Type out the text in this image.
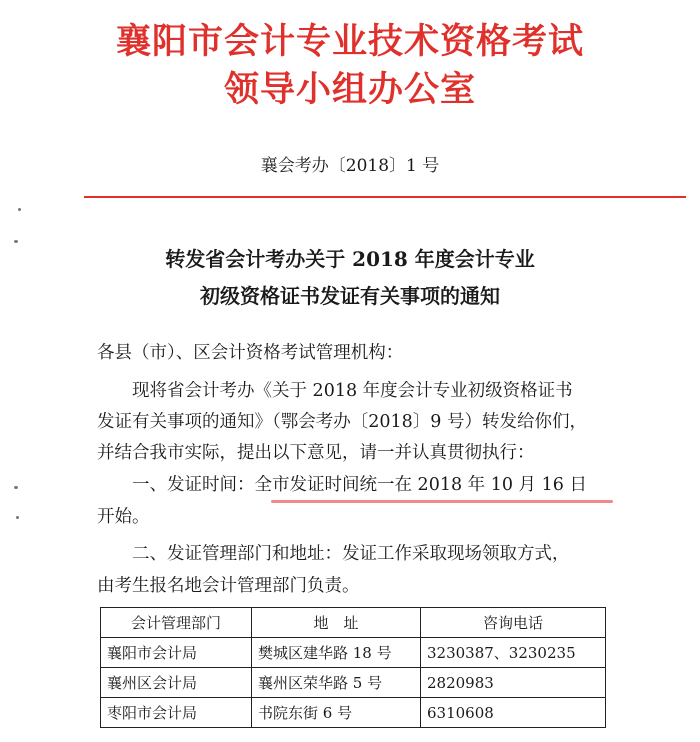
襄阳市会计专业技术资格考试
领导小组办公室
襄会考办〔2018〕1 号
转发省会计考办关于 2018 年度会计专业
初级资格证书发证有关事项的通知
各县（市）、区会计资格考试管理机构：
现将省会计考办《关于 2018 年度会计专业初级资格证书
发证有关事项的通知》（鄂会考办〔2018〕9 号）转发给你们，
并结合我市实际，提出以下意见，请一并认真贯彻执行：
一、发证时间：全市发证时间统一在 2018 年 10 月 16 日
开始。
二、发证管理部门和地址：发证工作采取现场领取方式，
由考生报名地会计管理部门负责。
会计管理部门	地　址	咨询电话
襄阳市会计局	樊城区建华路 18 号	3230387、3230235
襄州区会计局	襄州区荣华路 5 号	2820983
枣阳市会计局	书院东街 6 号	6310608
